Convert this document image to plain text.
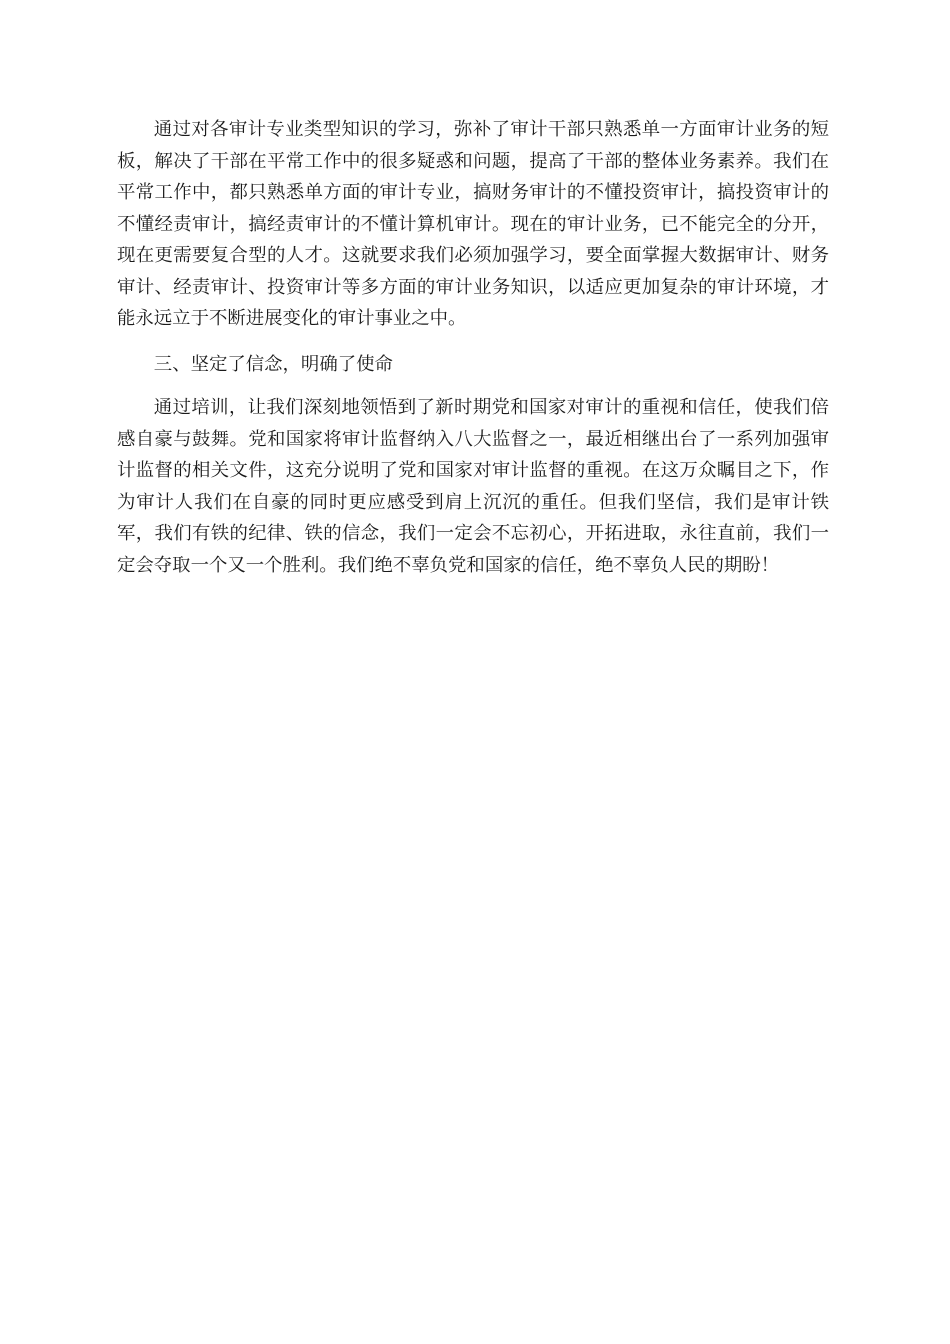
通过对各审计专业类型知识的学习，弥补了审计干部只熟悉单一方面审计业务的短板，解决了干部在平常工作中的很多疑惑和问题，提高了干部的整体业务素养。我们在平常工作中，都只熟悉单方面的审计专业，搞财务审计的不懂投资审计，搞投资审计的不懂经责审计，搞经责审计的不懂计算机审计。现在的审计业务，已不能完全的分开，现在更需要复合型的人才。这就要求我们必须加强学习，要全面掌握大数据审计、财务审计、经责审计、投资审计等多方面的审计业务知识，以适应更加复杂的审计环境，才能永远立于不断进展变化的审计事业之中。

三、坚定了信念，明确了使命

通过培训，让我们深刻地领悟到了新时期党和国家对审计的重视和信任，使我们倍感自豪与鼓舞。党和国家将审计监督纳入八大监督之一，最近相继出台了一系列加强审计监督的相关文件，这充分说明了党和国家对审计监督的重视。在这万众瞩目之下，作为审计人我们在自豪的同时更应感受到肩上沉沉的重任。但我们坚信，我们是审计铁军，我们有铁的纪律、铁的信念，我们一定会不忘初心，开拓进取，永往直前，我们一定会夺取一个又一个胜利。我们绝不辜负党和国家的信任，绝不辜负人民的期盼！
